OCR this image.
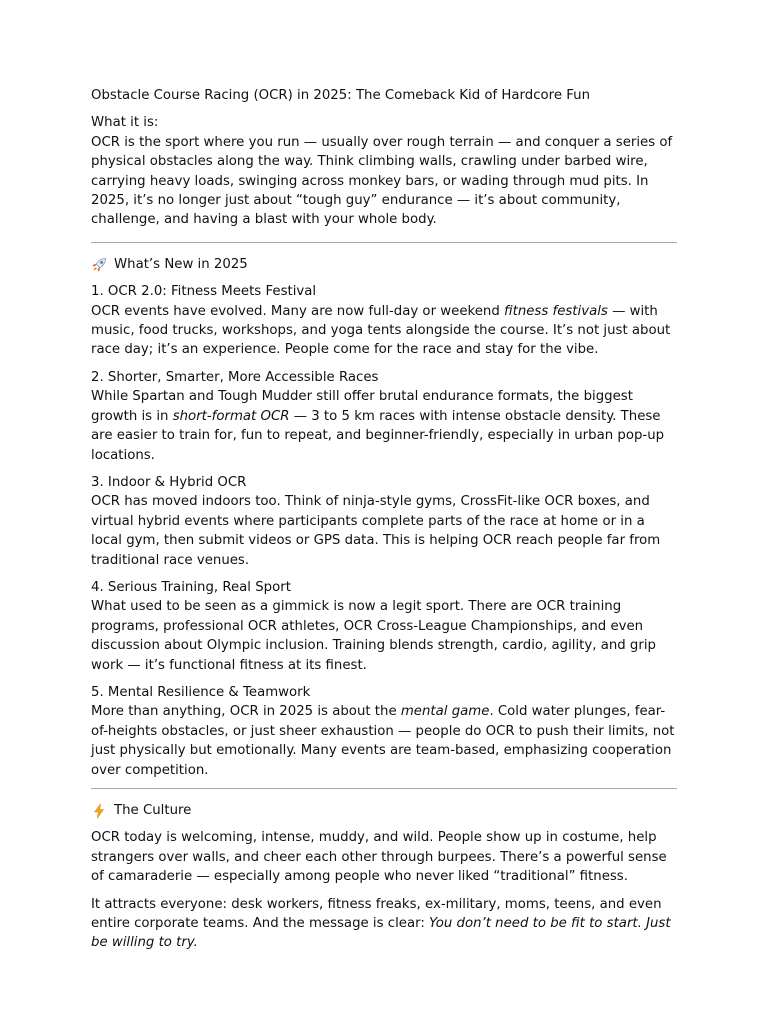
Obstacle Course Racing (OCR) in 2025: The Comeback Kid of Hardcore Fun

What it is:

OCR is the sport where you run — usually over rough terrain — and conquer a series of physical obstacles along the way. Think climbing walls, crawling under barbed wire, carrying heavy loads, swinging across monkey bars, or wading through mud pits. In 2025, it’s no longer just about “tough guy” endurance — it’s about community, challenge, and having a blast with your whole body.

What’s New in 2025

1. OCR 2.0: Fitness Meets Festival

OCR events have evolved. Many are now full-day or weekend fitness festivals — with music, food trucks, workshops, and yoga tents alongside the course. It’s not just about race day; it’s an experience. People come for the race and stay for the vibe.

2. Shorter, Smarter, More Accessible Races

While Spartan and Tough Mudder still offer brutal endurance formats, the biggest growth is in short-format OCR — 3 to 5 km races with intense obstacle density. These are easier to train for, fun to repeat, and beginner-friendly, especially in urban pop-up locations.

3. Indoor & Hybrid OCR

OCR has moved indoors too. Think of ninja-style gyms, CrossFit-like OCR boxes, and virtual hybrid events where participants complete parts of the race at home or in a local gym, then submit videos or GPS data. This is helping OCR reach people far from traditional race venues.

4. Serious Training, Real Sport

What used to be seen as a gimmick is now a legit sport. There are OCR training programs, professional OCR athletes, OCR Cross-League Championships, and even discussion about Olympic inclusion. Training blends strength, cardio, agility, and grip work — it’s functional fitness at its finest.

5. Mental Resilience & Teamwork

More than anything, OCR in 2025 is about the mental game. Cold water plunges, fear-of-heights obstacles, or just sheer exhaustion — people do OCR to push their limits, not just physically but emotionally. Many events are team-based, emphasizing cooperation over competition.

The Culture

OCR today is welcoming, intense, muddy, and wild. People show up in costume, help strangers over walls, and cheer each other through burpees. There’s a powerful sense of camaraderie — especially among people who never liked “traditional” fitness.

It attracts everyone: desk workers, fitness freaks, ex-military, moms, teens, and even entire corporate teams. And the message is clear: You don’t need to be fit to start. Just be willing to try.
